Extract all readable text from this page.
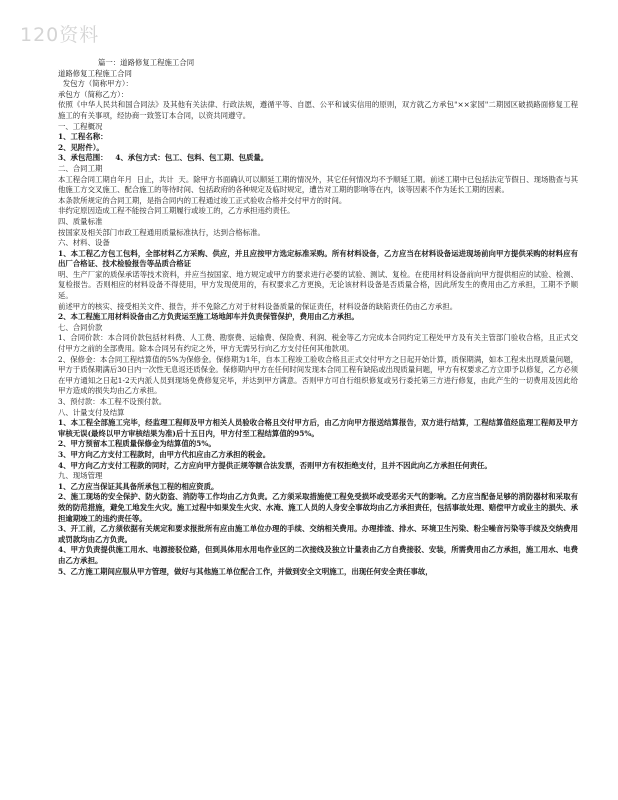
120资料

篇一：道路修复工程施工合同

道路修复工程施工合同

发包方（简称甲方）：

承包方（简称乙方）：

依照《中华人民共和国合同法》及其他有关法律、行政法规，遵循平等、自愿、公平和诚实信用的原则，双方就乙方承包"××家园"二期园区破损路面修复工程施工的有关事项，经协商一致签订本合同，以资共同遵守。

一、工程概况

1、工程名称：

2、见附件）。

3、承包范围：   4、承包方式：包工、包料、包工期、包质量。

二、合同工期

本工程合同工期自年月  日止，共计  天。除甲方书面确认可以顺延工期的情况外，其它任何情况均不予顺延工期。前述工期中已包括法定节假日、现场勘查与其他施工方交叉施工、配合施工的等待时间、包括政府的各种规定及临时规定，遭告对工期的影响等在内，该等因素不作为延长工期的因素。

本条款所规定的合同工期，是指合同内的工程通过竣工正式验收合格并交付甲方的时间。

非约定原因造成工程不能按合同工期履行或竣工的，乙方承担违约责任。

四、质量标准

按国家及相关部门市政工程通用质量标准执行，达到合格标准。

六、材料、设备

1、本工程乙方包工包料，全部材料乙方采购、供应，并且应按甲方选定标准采购。所有材料设备，乙方应当在材料设备运进现场前向甲方提供采购的材料应有出厂合格证、技术检验报告等品质合格证

明、生产厂家的质保承诺等技术资料，并应当按国家、地方规定或甲方的要求进行必要的试验、测试、复检。在使用材料设备前向甲方提供相应的试验、检测、复检报告。否则相应的材料设备不得使用，甲方发现使用的，有权要求乙方更换，无论该材料设备是否质量合格，因此所发生的费用由乙方承担，工期不予顺延。

前述甲方的核实、接受相关文件、报告，并不免除乙方对于材料设备质量的保证责任，材料设备的缺陷责任仍由乙方承担。

2、本工程施工用材料设备由乙方负责运至施工场地卸车并负责保管保护，费用由乙方承担。

七、合同价款

1、合同价款：本合同价款包括材料费、人工费、勘察费、运输费、保险费、利润、税金等乙方完成本合同约定工程处甲方及有关主管部门验收合格，且正式交付甲方之前的全部费用。除本合同另有约定之外，甲方无需另行向乙方支付任何其他款项。

2、保修金：本合同工程结算值的5%为保修金。保修期为1年，自本工程竣工验收合格且正式交付甲方之日起开始计算，质保期满，如本工程未出现质量问题，甲方于质保期满后30日内一次性无息返还质保金。保修期内甲方在任何时间发现本合同工程有缺陷或出现质量问题，甲方有权要求乙方立即予以修复，乙方必须在甲方通知之日起1-2天内派人员到现场免费修复完毕，并达到甲方满意。否则甲方可自行组织修复或另行委托第三方进行修复，由此产生的一切费用及因此给甲方造成的损失均由乙方承担。

3、预付款：本工程不设预付款。

八、计量支付及结算

1、本工程全部施工完毕，经监理工程师及甲方相关人员验收合格且交付甲方后，由乙方向甲方报送结算报告，双方进行结算，工程结算值经监理工程师及甲方审核无误(最终以甲方审核结果为准)后十五日内，甲方付至工程结算值的95%。

2、甲方预留本工程质量保修金为结算值的5%。

3、甲方向乙方支付工程款时，由甲方代扣应由乙方承担的税金。

4、甲方向乙方支付工程款的同时，乙方应向甲方提供正规等额合法发票，否则甲方有权拒绝支付，且并不因此向乙方承担任何责任。

九、现场管理

1、乙方应当保证其具备所承包工程的相应资质。

2、施工现场的安全保护、防火防盗、消防等工作均由乙方负责。乙方须采取措施使工程免受损坏或受恶劣天气的影响。乙方应当配备足够的消防器材和采取有效的防范措施，避免工地发生火灾。施工过程中如果发生火灾、水淹、施工人员的人身安全事故均由乙方承担责任，包括事故处理、赔偿甲方或业主的损失、承担逾期竣工的违约责任等。

3、开工前，乙方须依据有关规定和要求报批所有应由施工单位办理的手续、交纳相关费用。办理排渣、排水、环境卫生污染、粉尘噪音污染等手续及交纳费用或罚款均由乙方负责。

4、甲方负责提供施工用水、电源接驳位路，但到具体用水用电作业区的二次接线及独立计量表由乙方自费接驳、安装，所需费用由乙方承担，施工用水、电费由乙方承担。

5、乙方施工期间应服从甲方管理，做好与其他施工单位配合工作，并做到安全文明施工，出现任何安全责任事故，
